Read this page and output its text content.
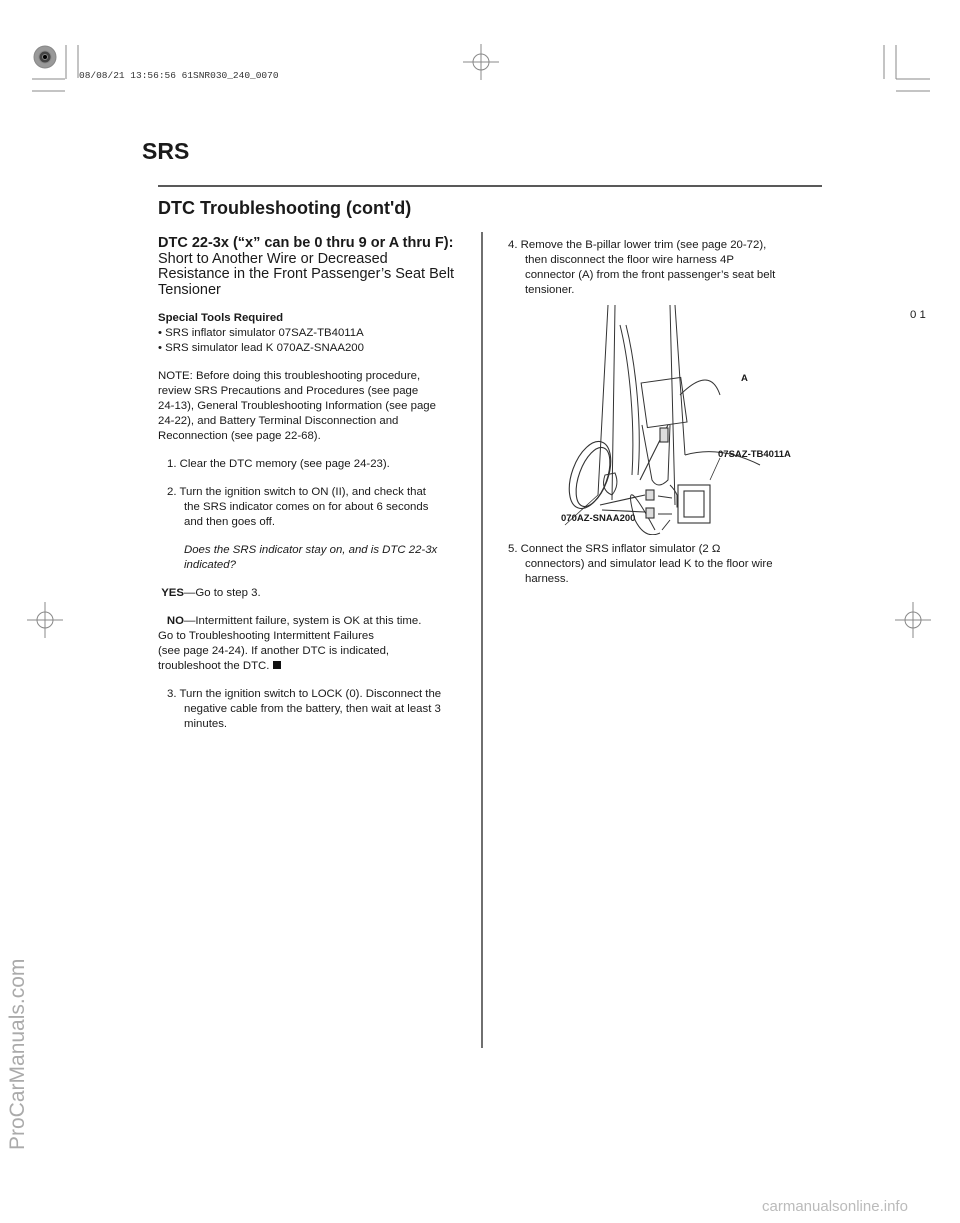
08/08/21 13:56:56 61SNR030_240_0070
SRS
DTC Troubleshooting (cont'd)
DTC 22-3x (“x” can be 0 thru 9 or A thru F):
Short to Another Wire or Decreased
Resistance in the Front Passenger’s Seat Belt
Tensioner
Special Tools Required
• SRS inflator simulator 07SAZ-TB4011A
• SRS simulator lead K 070AZ-SNAA200
NOTE: Before doing this troubleshooting procedure,
review SRS Precautions and Procedures (see page
24-13), General Troubleshooting Information (see page
24-22), and Battery Terminal Disconnection and
Reconnection (see page 22-68).
1. Clear the DTC memory (see page 24-23).
2. Turn the ignition switch to ON (II), and check that
the SRS indicator comes on for about 6 seconds
and then goes off.
Does the SRS indicator stay on, and is DTC 22-3x
indicated?
YES—Go to step 3.
NO—Intermittent failure, system is OK at this time.
Go to Troubleshooting Intermittent Failures
(see page 24-24). If another DTC is indicated,
troubleshoot the DTC.
3. Turn the ignition switch to LOCK (0). Disconnect the
negative cable from the battery, then wait at least 3
minutes.
4. Remove the B-pillar lower trim (see page 20-72),
then disconnect the floor wire harness 4P
connector (A) from the front passenger’s seat belt
tensioner.
0 1
A
07SAZ-TB4011A
070AZ-SNAA200
5. Connect the SRS inflator simulator (2 Ω
connectors) and simulator lead K to the floor wire
harness.
ProCarManuals.com
carmanualsonline.info
